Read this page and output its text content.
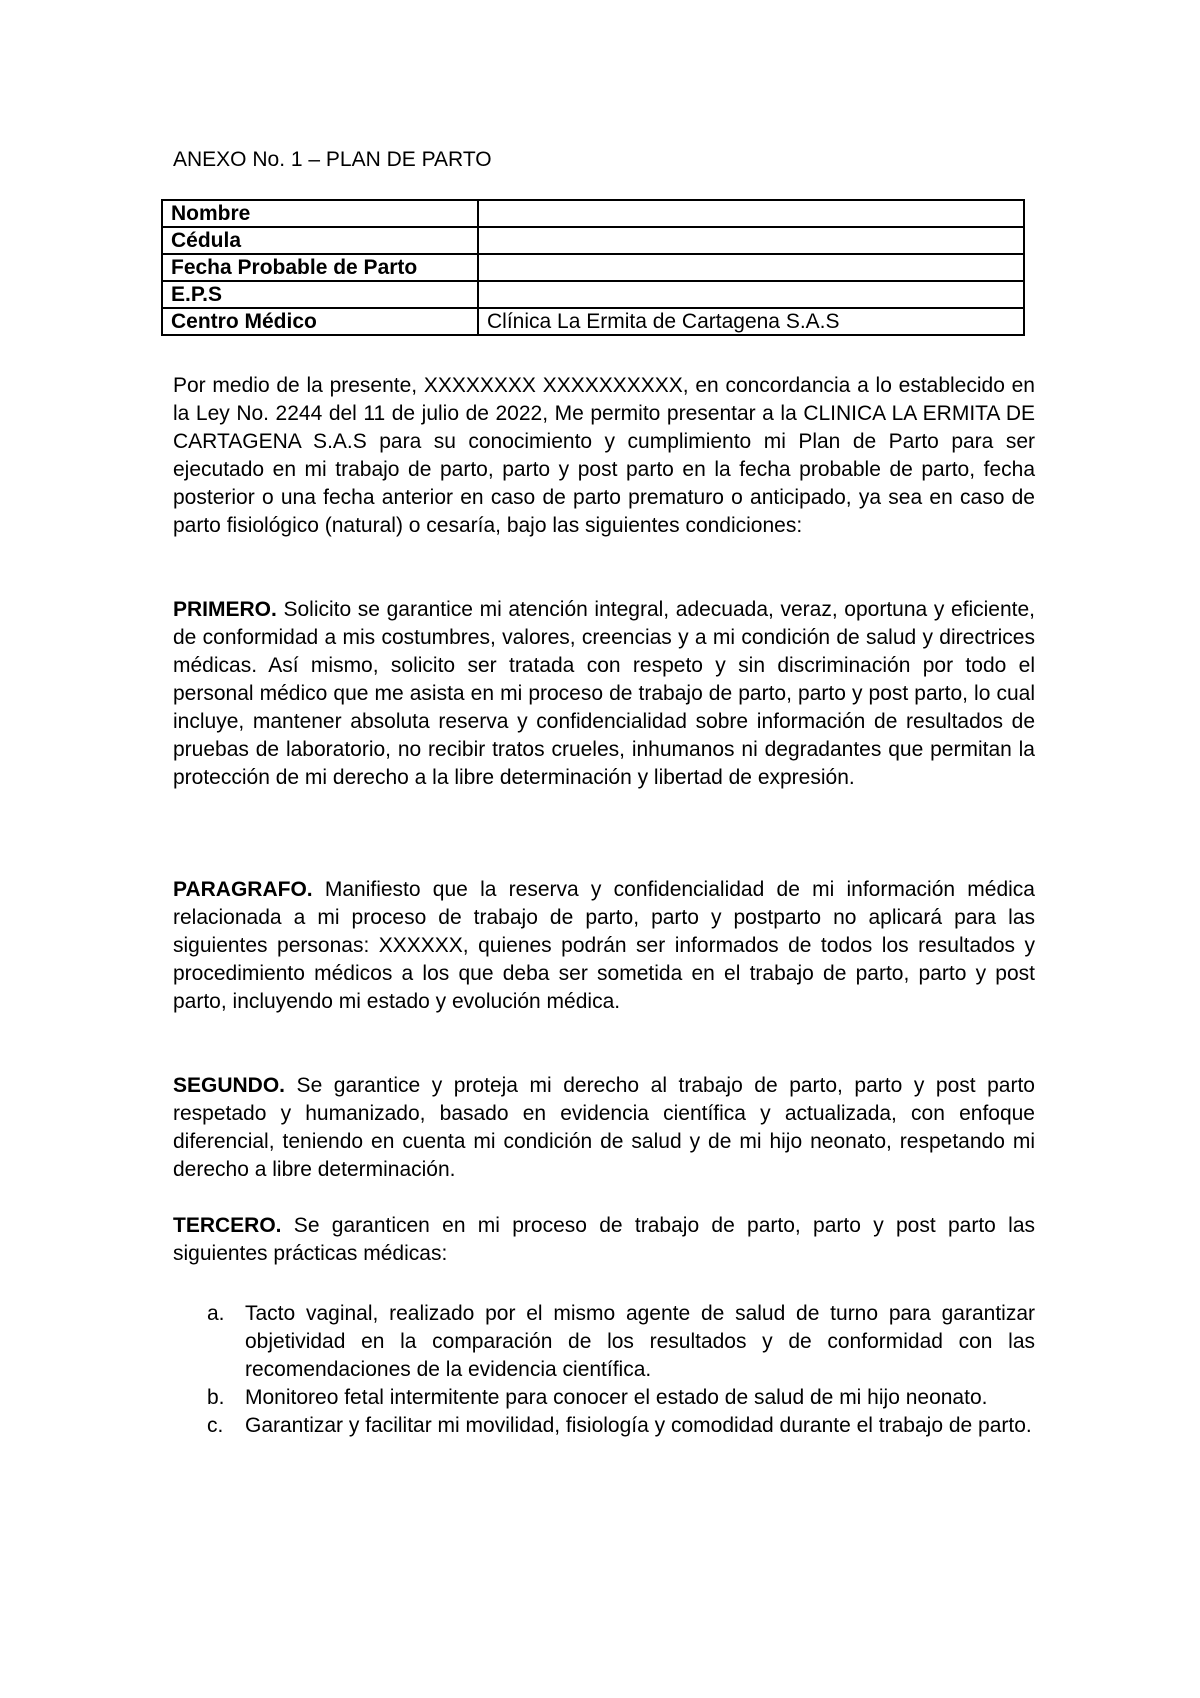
ANEXO No. 1 – PLAN DE PARTO
Nombre	
Cédula	
Fecha Probable de Parto	
E.P.S	
Centro Médico	Clínica La Ermita de Cartagena S.A.S

Por medio de la presente, XXXXXXXX XXXXXXXXXX, en concordancia a lo establecido en la Ley No. 2244 del 11 de julio de 2022, Me permito presentar a la CLINICA LA ERMITA DE CARTAGENA S.A.S para su conocimiento y cumplimiento mi Plan de Parto para ser ejecutado en mi trabajo de parto, parto y post parto en la fecha probable de parto, fecha posterior o una fecha anterior en caso de parto prematuro o anticipado, ya sea en caso de parto fisiológico (natural) o cesaría, bajo las siguientes condiciones:

PRIMERO. Solicito se garantice mi atención integral, adecuada, veraz, oportuna y eficiente, de conformidad a mis costumbres, valores, creencias y a mi condición de salud y directrices médicas. Así mismo, solicito ser tratada con respeto y sin discriminación por todo el personal médico que me asista en mi proceso de trabajo de parto, parto y post parto, lo cual incluye, mantener absoluta reserva y confidencialidad sobre información de resultados de pruebas de laboratorio, no recibir tratos crueles, inhumanos ni degradantes que permitan la protección de mi derecho a la libre determinación y libertad de expresión.

PARAGRAFO. Manifiesto que la reserva y confidencialidad de mi información médica relacionada a mi proceso de trabajo de parto, parto y postparto no aplicará para las siguientes personas: XXXXXX, quienes podrán ser informados de todos los resultados y procedimiento médicos a los que deba ser sometida en el trabajo de parto, parto y post parto, incluyendo mi estado y evolución médica.

SEGUNDO. Se garantice y proteja mi derecho al trabajo de parto, parto y post parto respetado y humanizado, basado en evidencia científica y actualizada, con enfoque diferencial, teniendo en cuenta mi condición de salud y de mi hijo neonato, respetando mi derecho a libre determinación.

TERCERO. Se garanticen en mi proceso de trabajo de parto, parto y post parto las siguientes prácticas médicas:

a. Tacto vaginal, realizado por el mismo agente de salud de turno para garantizar objetividad en la comparación de los resultados y de conformidad con las recomendaciones de la evidencia científica.
b. Monitoreo fetal intermitente para conocer el estado de salud de mi hijo neonato.
c. Garantizar y facilitar mi movilidad, fisiología y comodidad durante el trabajo de parto.
